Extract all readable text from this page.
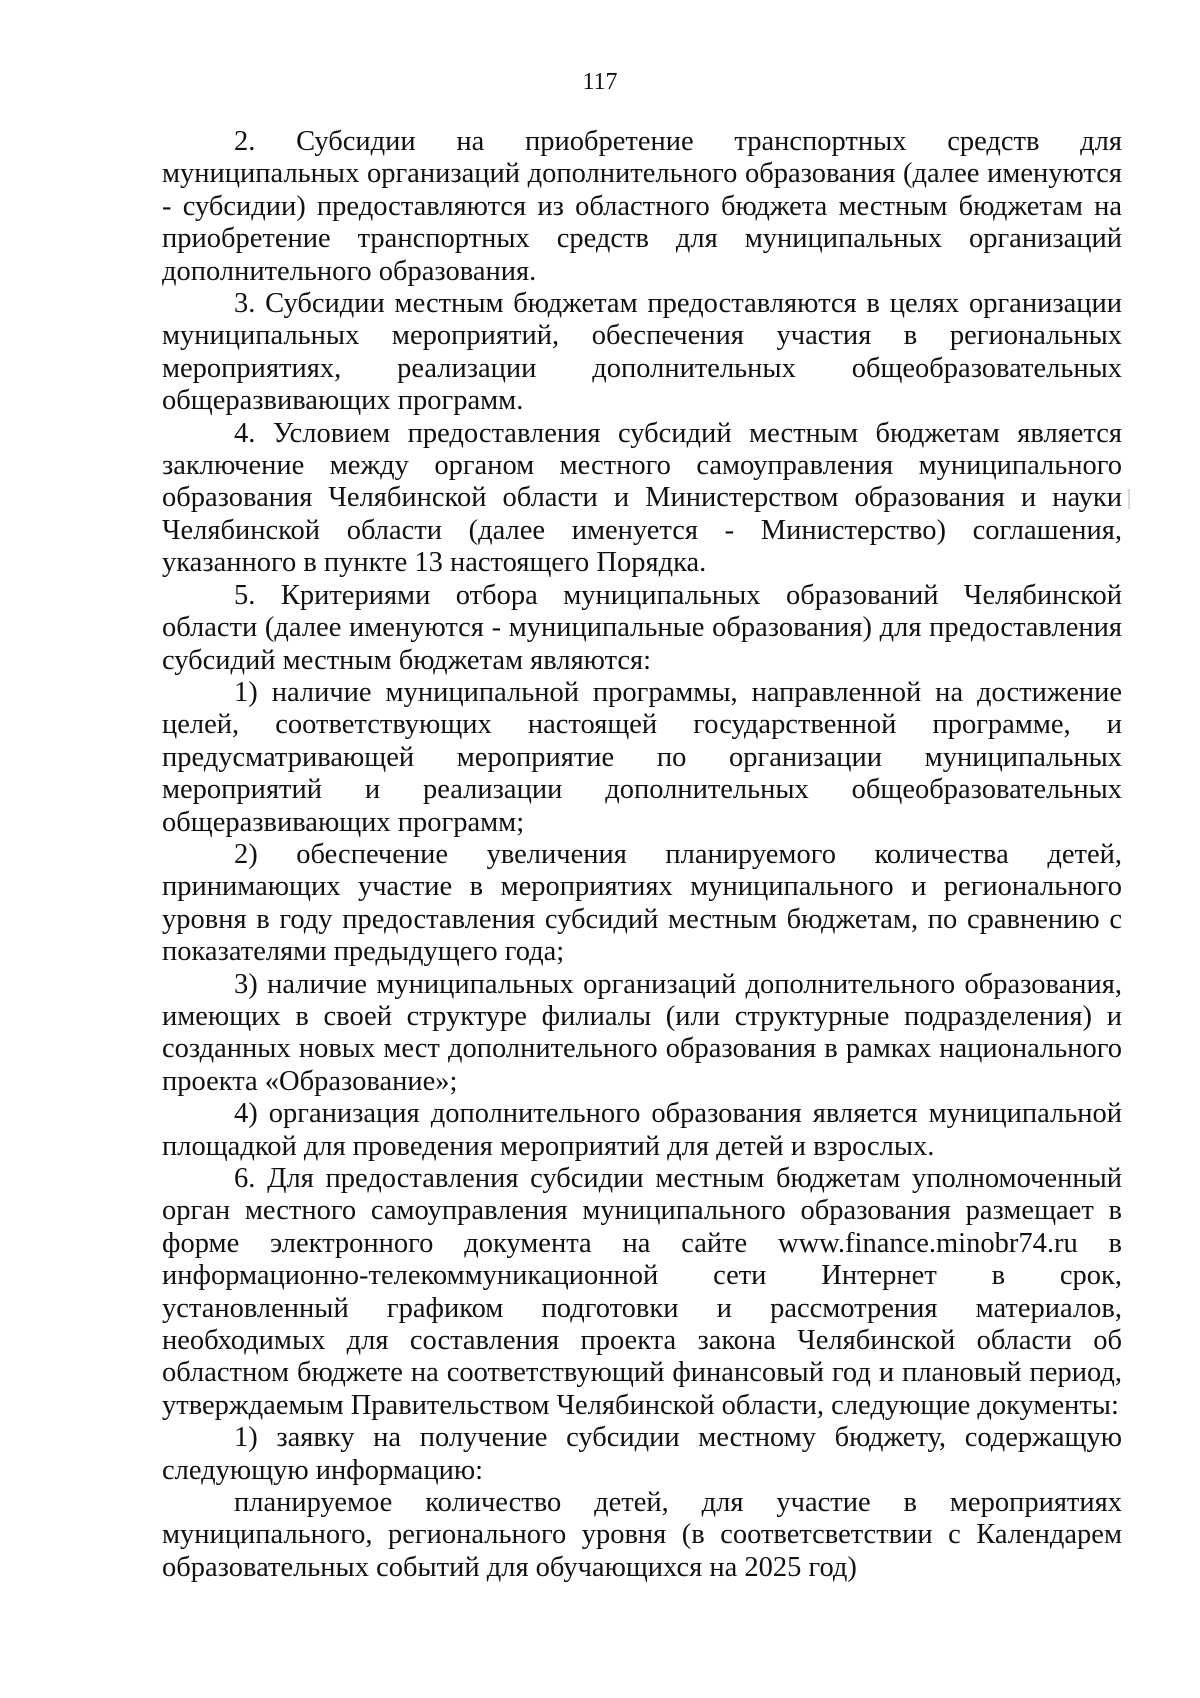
117

2. Субсидии на приобретение транспортных средств для муниципальных организаций дополнительного образования (далее именуются - субсидии) предоставляются из областного бюджета местным бюджетам на приобретение транспортных средств для муниципальных организаций дополнительного образования.

3. Субсидии местным бюджетам предоставляются в целях организации муниципальных мероприятий, обеспечения участия в региональных мероприятиях, реализации дополнительных общеобразовательных общеразвивающих программ.

4. Условием предоставления субсидий местным бюджетам является заключение между органом местного самоуправления муниципального образования Челябинской области и Министерством образования и науки Челябинской области (далее именуется - Министерство) соглашения, указанного в пункте 13 настоящего Порядка.

5. Критериями отбора муниципальных образований Челябинской области (далее именуются - муниципальные образования) для предоставления субсидий местным бюджетам являются:

1) наличие муниципальной программы, направленной на достижение целей, соответствующих настоящей государственной программе, и предусматривающей мероприятие по организации муниципальных мероприятий и реализации дополнительных общеобразовательных общеразвивающих программ;

2) обеспечение увеличения планируемого количества детей, принимающих участие в мероприятиях муниципального и регионального уровня в году предоставления субсидий местным бюджетам, по сравнению с показателями предыдущего года;

3) наличие муниципальных организаций дополнительного образования, имеющих в своей структуре филиалы (или структурные подразделения) и созданных новых мест дополнительного образования в рамках национального проекта «Образование»;

4) организация дополнительного образования является муниципальной площадкой для проведения мероприятий для детей и взрослых.

6. Для предоставления субсидии местным бюджетам уполномоченный орган местного самоуправления муниципального образования размещает в форме электронного документа на сайте www.finance.minobr74.ru в информационно-телекоммуникационной сети Интернет в срок, установленный графиком подготовки и рассмотрения материалов, необходимых для составления проекта закона Челябинской области об областном бюджете на соответствующий финансовый год и плановый период, утверждаемым Правительством Челябинской области, следующие документы:

1) заявку на получение субсидии местному бюджету, содержащую следующую информацию:

планируемое количество детей, для участие в мероприятиях муниципального, регионального уровня (в соответсветствии с Календарем образовательных событий для обучающихся на 2025 год)
